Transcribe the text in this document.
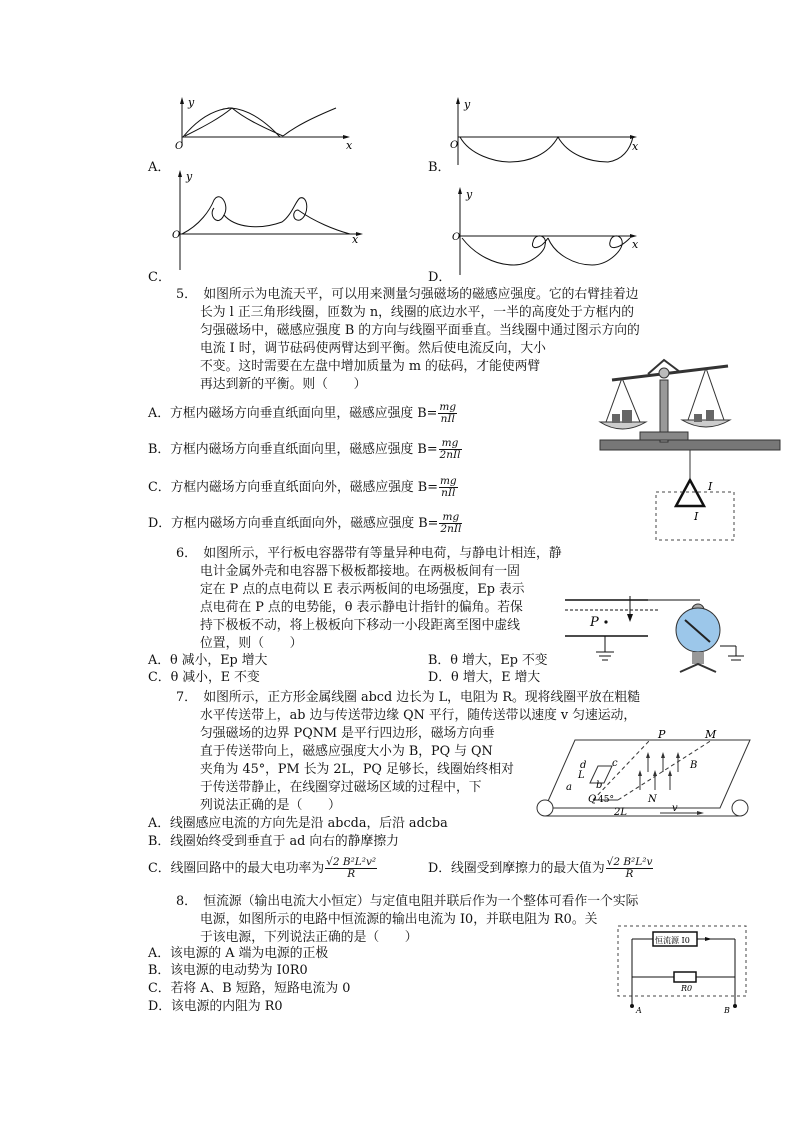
y
O	x
y
O	x
y
O	x
y
O
x
A．	B．
C．	D．
5．　如图所示为电流天平，可以用来测量匀强磁场的磁感应强度。它的右臂挂着边
长为 l 正三角形线圈，匝数为 n，线圈的底边水平，一半的高度处于方框内的
匀强磁场中，磁感应强度 B 的方向与线圈平面垂直。当线圈中通过图示方向的
电流 I 时，调节砝码使两臂达到平衡。然后使电流反向，大小
不变。这时需要在左盘中增加质量为 m 的砝码，才能使两臂
再达到新的平衡。则（　　）
A．方框内磁场方向垂直纸面向里，磁感应强度 $B= \frac{mg}{\text{nIl}}$
B．方框内磁场方向垂直纸面向里，磁感应强度 $B= \frac{mg}{\text{2nIl}}$
C．方框内磁场方向垂直纸面向外，磁感应强度 $B= \frac{mg}{\text{nIl}}$
D．方框内磁场方向垂直纸面向外，磁感应强度 $B= \frac{mg}{\text{2nIl}}$
I
I
6．　如图所示，平行板电容器带有等量异种电荷，与静电计相连，静
电计金属外壳和电容器下极板都接地。在两极板间有一固
定在 P 点的点电荷以 E 表示两板间的电场强度，Ep 表示
点电荷在 P 点的电势能，θ 表示静电计指针的偏角。若保
持下极板不动，将上极板向下移动一小段距离至图中虚线
位置，则（　　）
A．θ 减小，Ep 增大	B．θ 增大，Ep 不变
C．θ 减小，E 不变	D．θ 增大，E 增大
P
7．　如图所示，正方形金属线圈 abcd 边长为 L，电阻为 R。现将线圈平放在粗糙
水平传送带上，ab 边与传送带边缘 QN 平行，随传送带以速度 v 匀速运动，
匀强磁场的边界 PQNM 是平行四边形，磁场方向垂
直于传送带向上，磁感应强度大小为 B，PQ 与 QN
夹角为 45°，PM 长为 2L，PQ 足够长，线圈始终相对
于传送带静止，在线圈穿过磁场区域的过程中，下
列说法正确的是（　　）
A．线圈感应电流的方向先是沿 abcda，后沿 adcba
B．线圈始终受到垂直于 ad 向右的静摩擦力
C．线圈回路中的最大电功率为 $\frac{\text{√2 B²L²v²}}{R}$	D．线圈受到摩擦力的最大值为 $\frac{\text{√2 B²L²v}}{R}$
P	M
d	c
a b
L
B
Q 45°	N
2L	v
8．　恒流源（输出电流大小恒定）与定值电阻并联后作为一个整体可看作一个实际
电源，如图所示的电路中恒流源的输出电流为 I0，并联电阻为 R0。关
于该电源，下列说法正确的是（　　）
A．该电源的 A 端为电源的正极
B．该电源的电动势为 I0R0
C．若将 A、B 短路，短路电流为 0
D．该电源的内阻为 R0
恒流源 I0
R0
A	B
